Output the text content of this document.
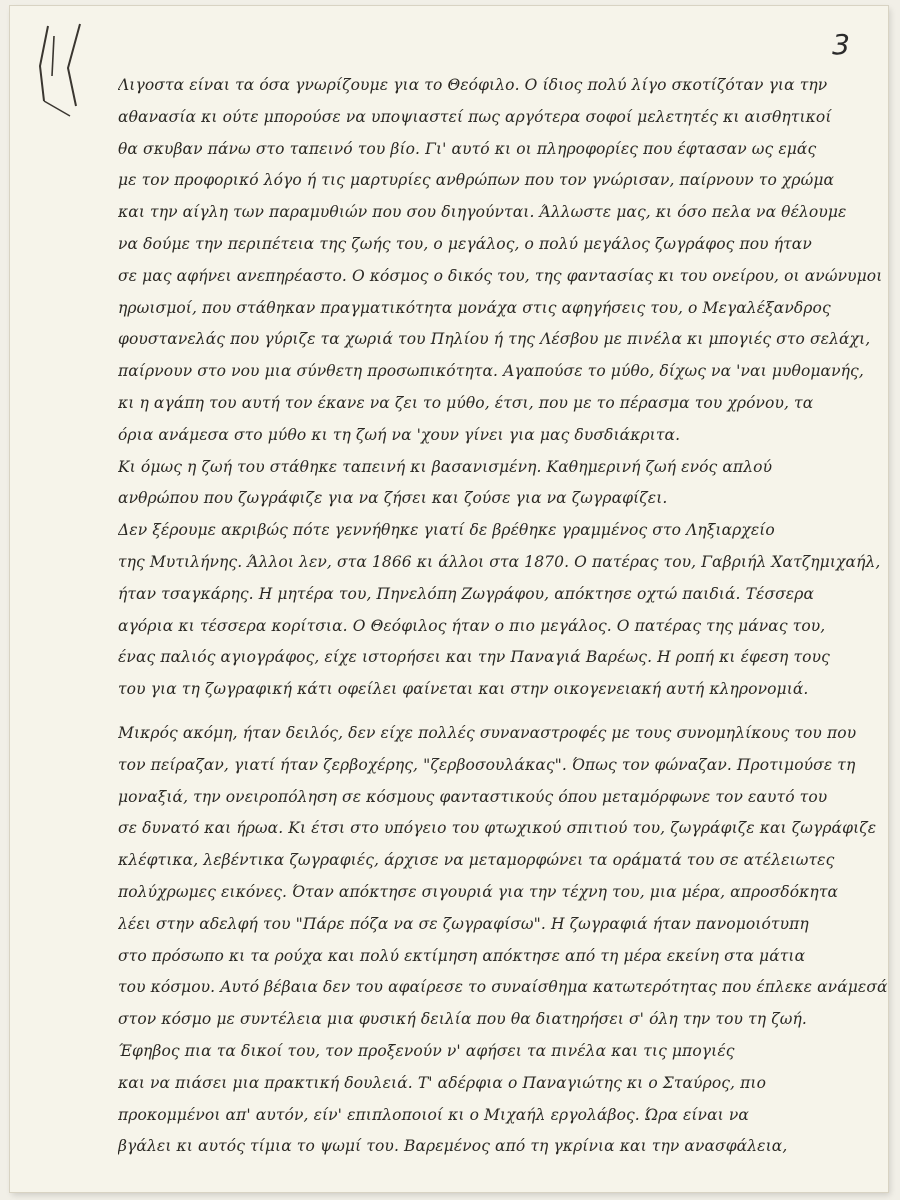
3
Λιγοστα είναι τα όσα γνωρίζουμε για το Θεόφιλο. Ο ίδιος πολύ λίγο σκοτίζόταν για την
αθανασία κι ούτε μπορούσε να υποψιαστεί πως αργότερα σοφοί μελετητές κι αισθητικοί
θα σκυβαν πάνω στο ταπεινό του βίο. Γι' αυτό κι οι πληροφορίες που έφτασαν ως εμάς
με τον προφορικό λόγο ή τις μαρτυρίες ανθρώπων που τον γνώρισαν, παίρνουν το χρώμα
και την αίγλη των παραμυθιών που σου διηγούνται. Άλλωστε μας, κι όσο πελα να θέλουμε
να δούμε την περιπέτεια της ζωής του, ο μεγάλος, ο πολύ μεγάλος ζωγράφος που ήταν
σε μας αφήνει ανεπηρέαστο. Ο κόσμος ο δικός του, της φαντασίας κι του ονείρου, οι ανώνυμοι
ηρωισμοί, που στάθηκαν πραγματικότητα μονάχα στις αφηγήσεις του, ο Μεγαλέξανδρος
φουστανελάς που γύριζε τα χωριά του Πηλίου ή της Λέσβου με πινέλα κι μπογιές στο σελάχι,
παίρνουν στο νου μια σύνθετη προσωπικότητα. Αγαπούσε το μύθο, δίχως να 'ναι μυθομανής,
κι η αγάπη του αυτή τον έκανε να ζει το μύθο, έτσι, που με το πέρασμα του χρόνου, τα
όρια ανάμεσα στο μύθο κι τη ζωή να 'χουν γίνει για μας δυσδιάκριτα.
Κι όμως η ζωή του στάθηκε ταπεινή κι βασανισμένη. Καθημερινή ζωή ενός απλού
ανθρώπου που ζωγράφιζε για να ζήσει και ζούσε για να ζωγραφίζει.
Δεν ξέρουμε ακριβώς πότε γεννήθηκε γιατί δε βρέθηκε γραμμένος στο Ληξιαρχείο
της Μυτιλήνης. Άλλοι λεν, στα 1866 κι άλλοι στα 1870. Ο πατέρας του, Γαβριήλ Χατζημιχαήλ,
ήταν τσαγκάρης. Η μητέρα του, Πηνελόπη Ζωγράφου, απόκτησε οχτώ παιδιά. Τέσσερα
αγόρια κι τέσσερα κορίτσια. Ο Θεόφιλος ήταν ο πιο μεγάλος. Ο πατέρας της μάνας του,
ένας παλιός αγιογράφος, είχε ιστορήσει και την Παναγιά Βαρέως. Η ροπή κι έφεση τους
του για τη ζωγραφική κάτι οφείλει φαίνεται και στην οικογενειακή αυτή κληρονομιά.
Μικρός ακόμη, ήταν δειλός, δεν είχε πολλές συναναστροφές με τους συνομηλίκους του που
τον πείραζαν, γιατί ήταν ζερβοχέρης, "ζερβοσουλάκας". Όπως τον φώναζαν. Προτιμούσε τη
μοναξιά, την ονειροπόληση σε κόσμους φανταστικούς όπου μεταμόρφωνε τον εαυτό του
σε δυνατό και ήρωα. Κι έτσι στο υπόγειο του φτωχικού σπιτιού του, ζωγράφιζε και ζωγράφιζε
κλέφτικα, λεβέντικα ζωγραφιές, άρχισε να μεταμορφώνει τα οράματά του σε ατέλειωτες
πολύχρωμες εικόνες. Όταν απόκτησε σιγουριά για την τέχνη του, μια μέρα, απροσδόκητα
λέει στην αδελφή του "Πάρε πόζα να σε ζωγραφίσω". Η ζωγραφιά ήταν πανομοιότυπη
στο πρόσωπο κι τα ρούχα και πολύ εκτίμηση απόκτησε από τη μέρα εκείνη στα μάτια
του κόσμου. Αυτό βέβαια δεν του αφαίρεσε το συναίσθημα κατωτερότητας που έπλεκε ανάμεσά
στον κόσμο με συντέλεια μια φυσική δειλία που θα διατηρήσει σ' όλη την του τη ζωή.
Έφηβος πια τα δικοί του, τον προξενούν ν' αφήσει τα πινέλα και τις μπογιές
και να πιάσει μια πρακτική δουλειά. Τ' αδέρφια ο Παναγιώτης κι ο Σταύρος, πιο
προκομμένοι απ' αυτόν, είν' επιπλοποιοί κι ο Μιχαήλ εργολάβος. Ώρα είναι να
βγάλει κι αυτός τίμια το ψωμί του. Βαρεμένος από τη γκρίνια και την ανασφάλεια,
